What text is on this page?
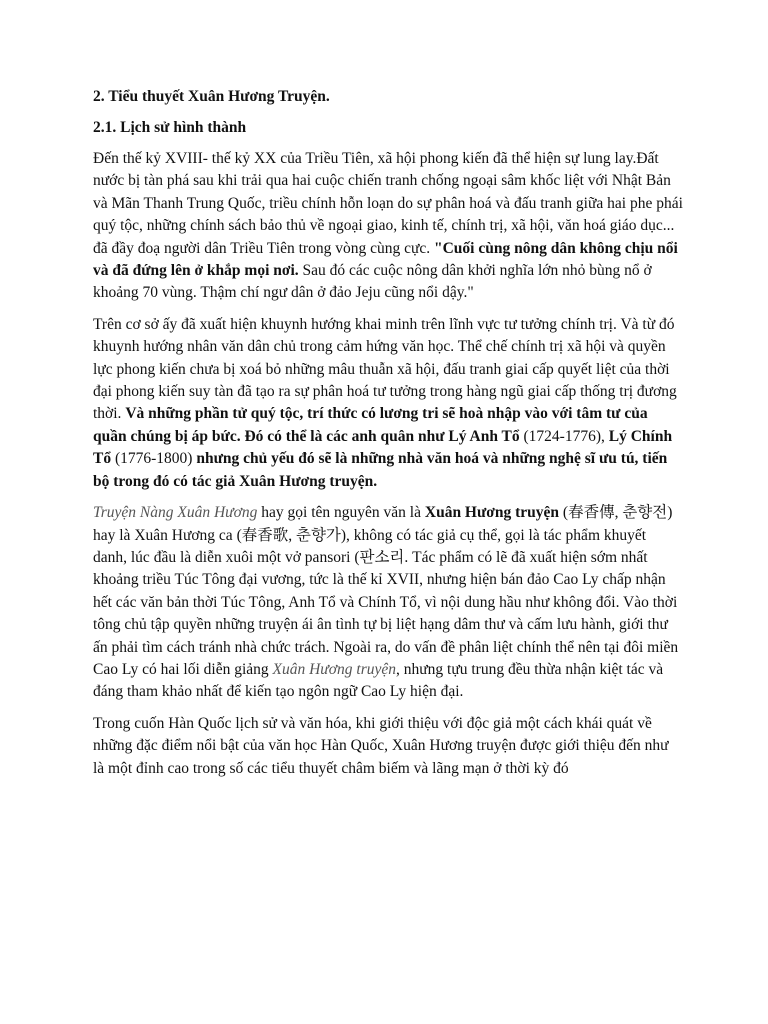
2. Tiểu thuyết Xuân Hương Truyện.
2.1. Lịch sử hình thành

Đến thế kỷ XVIII- thế kỷ XX của Triều Tiên, xã hội phong kiến đã thể hiện sự lung lay.Đất nước bị tàn phá sau khi trải qua hai cuộc chiến tranh chống ngoại sâm khốc liệt với Nhật Bản và Mãn Thanh Trung Quốc, triều chính hỗn loạn do sự phân hoá và đấu tranh giữa hai phe phái quý tộc, những chính sách bảo thủ về ngoại giao, kinh tế, chính trị, xã hội, văn hoá giáo dục... đã đầy đoạ người dân Triều Tiên trong vòng cùng cực. "Cuối cùng nông dân không chịu nổi và đã đứng lên ở khắp mọi nơi. Sau đó các cuộc nông dân khởi nghĩa lớn nhỏ bùng nổ ở khoảng 70 vùng. Thậm chí ngư dân ở đảo Jeju cũng nổi dậy."

Trên cơ sở ấy đã xuất hiện khuynh hướng khai minh trên lĩnh vực tư tưởng chính trị. Và từ đó khuynh hướng nhân văn dân chủ trong cảm hứng văn học. Thể chế chính trị xã hội và quyền lực phong kiến chưa bị xoá bỏ những mâu thuẫn xã hội, đấu tranh giai cấp quyết liệt của thời đại phong kiến suy tàn đã tạo ra sự phân hoá tư tưởng trong hàng ngũ giai cấp thống trị đương thời. Và những phần tử quý tộc, trí thức có lương tri sẽ hoà nhập vào với tâm tư của quần chúng bị áp bức. Đó có thể là các anh quân như Lý Anh Tổ (1724-1776), Lý Chính Tổ (1776-1800) nhưng chủ yếu đó sẽ là những nhà văn hoá và những nghệ sĩ ưu tú, tiến bộ trong đó có tác giả Xuân Hương truyện.

Truyện Nàng Xuân Hương hay gọi tên nguyên văn là Xuân Hương truyện (春香傳, 춘향전) hay là Xuân Hương ca (春香歌, 춘향가), không có tác giả cụ thể, gọi là tác phẩm khuyết danh, lúc đầu là diễn xuôi một vở pansori (판소리. Tác phẩm có lẽ đã xuất hiện sớm nhất khoảng triều Túc Tông đại vương, tức là thế kỉ XVII, nhưng hiện bán đảo Cao Ly chấp nhận hết các văn bản thời Túc Tông, Anh Tổ và Chính Tổ, vì nội dung hầu như không đổi. Vào thời tông chủ tập quyền những truyện ái ân tình tự bị liệt hạng dâm thư và cấm lưu hành, giới thư ấn phải tìm cách tránh nhà chức trách. Ngoài ra, do vấn đề phân liệt chính thể nên tại đôi miền Cao Ly có hai lối diễn giảng Xuân Hương truyện, nhưng tựu trung đều thừa nhận kiệt tác và đáng tham khảo nhất để kiến tạo ngôn ngữ Cao Ly hiện đại.

Trong cuốn Hàn Quốc lịch sử và văn hóa, khi giới thiệu với độc giả một cách khái quát về những đặc điểm nổi bật của văn học Hàn Quốc, Xuân Hương truyện được giới thiệu đến như là một đỉnh cao trong số các tiểu thuyết châm biếm và lãng mạn ở thời kỳ đó
